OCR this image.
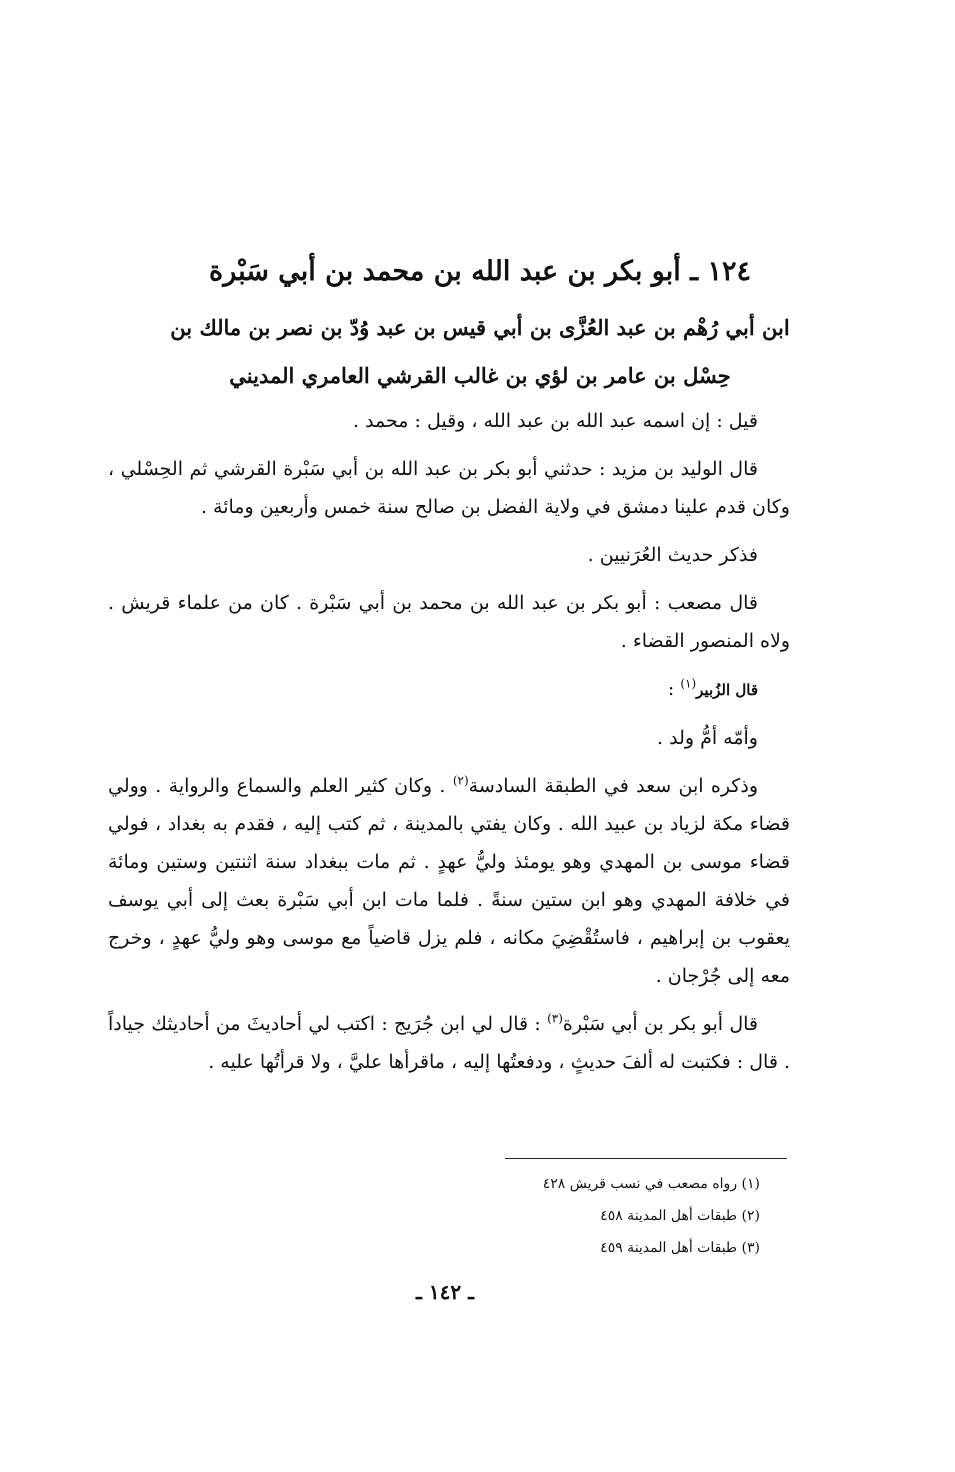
١٢٤ ـ أبو بكر بن عبد الله بن محمد بن أبي سَبْرة
ابن أبي رُهْم بن عبد العُزَّى بن أبي قيس بن عبد وُدّ بن نصر بن مالك بن
حِسْل بن عامر بن لؤي بن غالب القرشي العامري المديني

قيل : إن اسمه عبد الله بن عبد الله ، وقيل : محمد .

قال الوليد بن مزيد : حدثني أبو بكر بن عبد الله بن أبي سَبْرة القرشي ثم الحِسْلي ، وكان قدم علينا دمشق في ولاية الفضل بن صالح سنة خمس وأربعين ومائة .

فذكر حديث العُرَنيين .

قال مصعب : أبو بكر بن عبد الله بن محمد بن أبي سَبْرة . كان من علماء قريش . ولاه المنصور القضاء .

قال الزُبير$^{(١)}$ :

وأمّه أمُّ ولد .

وذكره ابن سعد في الطبقة السادسة$^{(٢)}$ . وكان كثير العلم والسماع والرواية . وولي قضاء مكة لزياد بن عبيد الله . وكان يفتي بالمدينة ، ثم كتب إليه ، فقدم به بغداد ، فولي قضاء موسى بن المهدي وهو يومئذ وليُّ عهدٍ . ثم مات ببغداد سنة اثنتين وستين ومائة في خلافة المهدي وهو ابن ستين سنةً . فلما مات ابن أبي سَبْرة بعث إلى أبي يوسف يعقوب بن إبراهيم ، فاستُقْضِيَ مكانه ، فلم يزل قاضياً مع موسى وهو وليُّ عهدٍ ، وخرج معه إلى جُرْجان .

قال أبو بكر بن أبي سَبْرة$^{(٣)}$ : قال لي ابن جُرَيج : اكتب لي أحاديثَ من أحاديثك جياداً . قال : فكتبت له ألفَ حديثٍ ، ودفعتُها إليه ، ماقرأها عليَّ ، ولا قرأتُها عليه .

(١) رواه مصعب في نسب قريش ٤٢٨
(٢) طبقات أهل المدينة ٤٥٨
(٣) طبقات أهل المدينة ٤٥٩
ـ ١٤٢ ـ
